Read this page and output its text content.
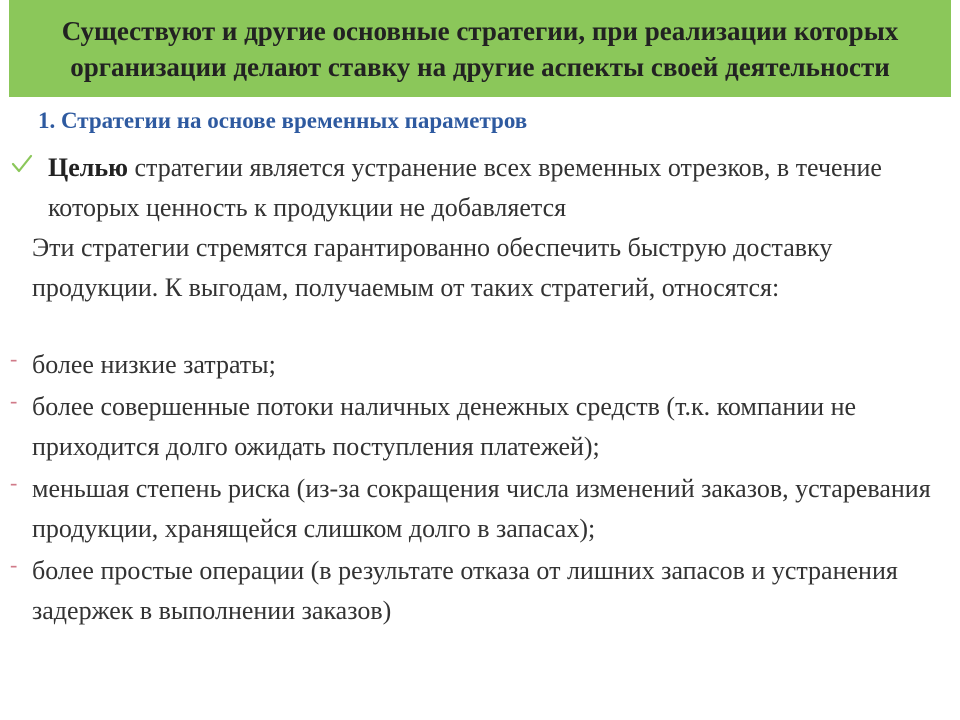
Существуют и другие основные стратегии, при реализации которых организации делают ставку на другие аспекты своей деятельности
1. Стратегии на основе временных параметров
Целью стратегии является устранение всех временных отрезков, в течение которых ценность к продукции не добавляется
Эти стратегии стремятся гарантированно обеспечить быструю доставку продукции. К выгодам, получаемым от таких стратегий, относятся:
- более низкие затраты;
- более совершенные потоки наличных денежных средств (т.к. компании не приходится долго ожидать поступления платежей);
- меньшая степень риска (из-за сокращения числа изменений заказов, устаревания продукции, хранящейся слишком долго в запасах);
- более простые операции (в результате отказа от лишних запасов и устранения задержек в выполнении заказов)
